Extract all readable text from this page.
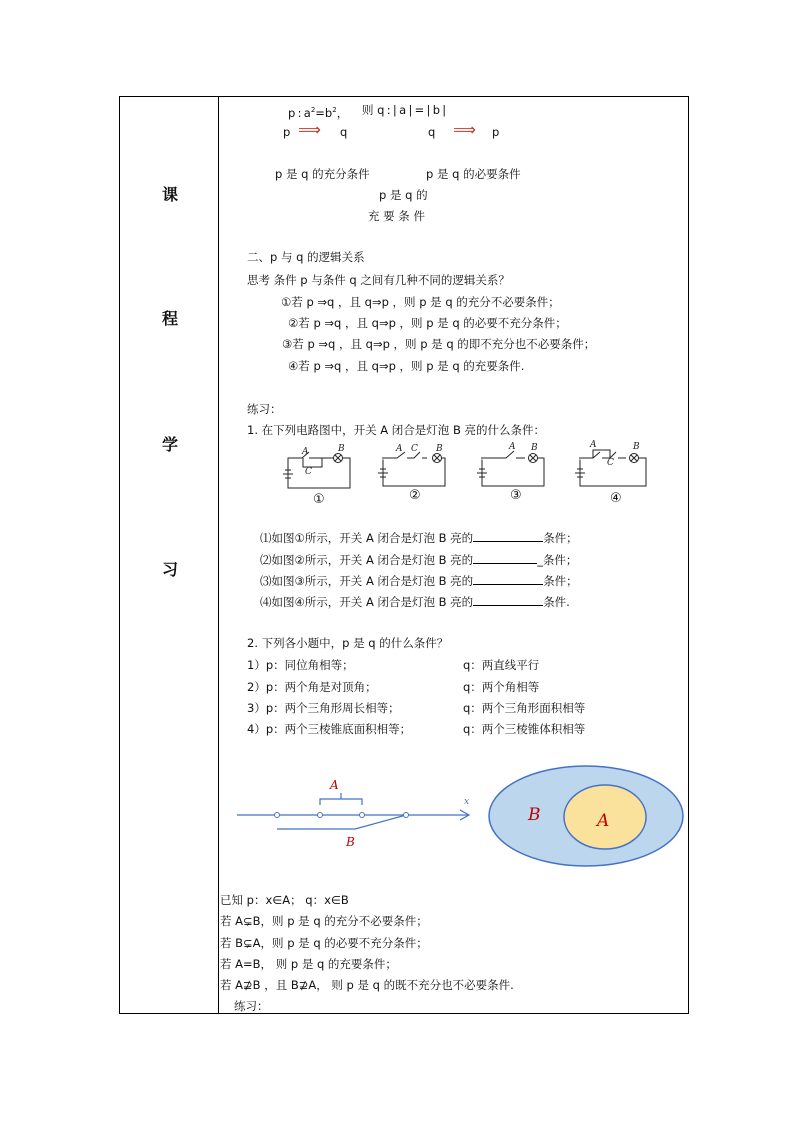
课
程
学
习
p : $a^2=b^2$， 则 q : | a | = | b |
p ⟹ q	q ⟹ p
p 是 q 的充分条件	p 是 q 的必要条件
p 是 q 的
充 要 条 件
二、p 与 q 的逻辑关系
思考 条件 p 与条件 q 之间有几种不同的逻辑关系？
①若 p ⇒q ，且 q⇒p ，则 p 是 q 的充分不必要条件；
②若 p ⇒q ，且 q⇒p ，则 p 是 q 的必要不充分条件；
③若 p ⇒q ，且 q⇒p ，则 p 是 q 的即不充分也不必要条件；
④若 p ⇒q ，且 q⇒p ，则 p 是 q 的充要条件.
练习：
1. 在下列电路图中，开关 A 闭合是灯泡 B 亮的什么条件：
A	B
C
A C B	A B	A
C
B
①	②	③	④
⑴如图①所示，开关 A 闭合是灯泡 B 亮的	条件；
⑵如图②所示，开关 A 闭合是灯泡 B 亮的	_条件；
⑶如图③所示，开关 A 闭合是灯泡 B 亮的	条件；
⑷如图④所示，开关 A 闭合是灯泡 B 亮的	条件.
2. 下列各小题中，p 是 q 的什么条件？
1）p：同位角相等；	q：两直线平行
2）p：两个角是对顶角；	q：两个角相等
3）p：两个三角形周长相等；	q：两个三角形面积相等
4）p：两个三棱锥底面积相等；	q：两个三棱锥体积相等
A
B
x
B	A
已知 p：x∈A； q：x∈B
若 A⊊B，则 p 是 q 的充分不必要条件；
若 B⊊A，则 p 是 q 的必要不充分条件；
若 A=B， 则 p 是 q 的充要条件；
若 A⊉B ，且 B⊉A， 则 p 是 q 的既不充分也不必要条件.
练习：
